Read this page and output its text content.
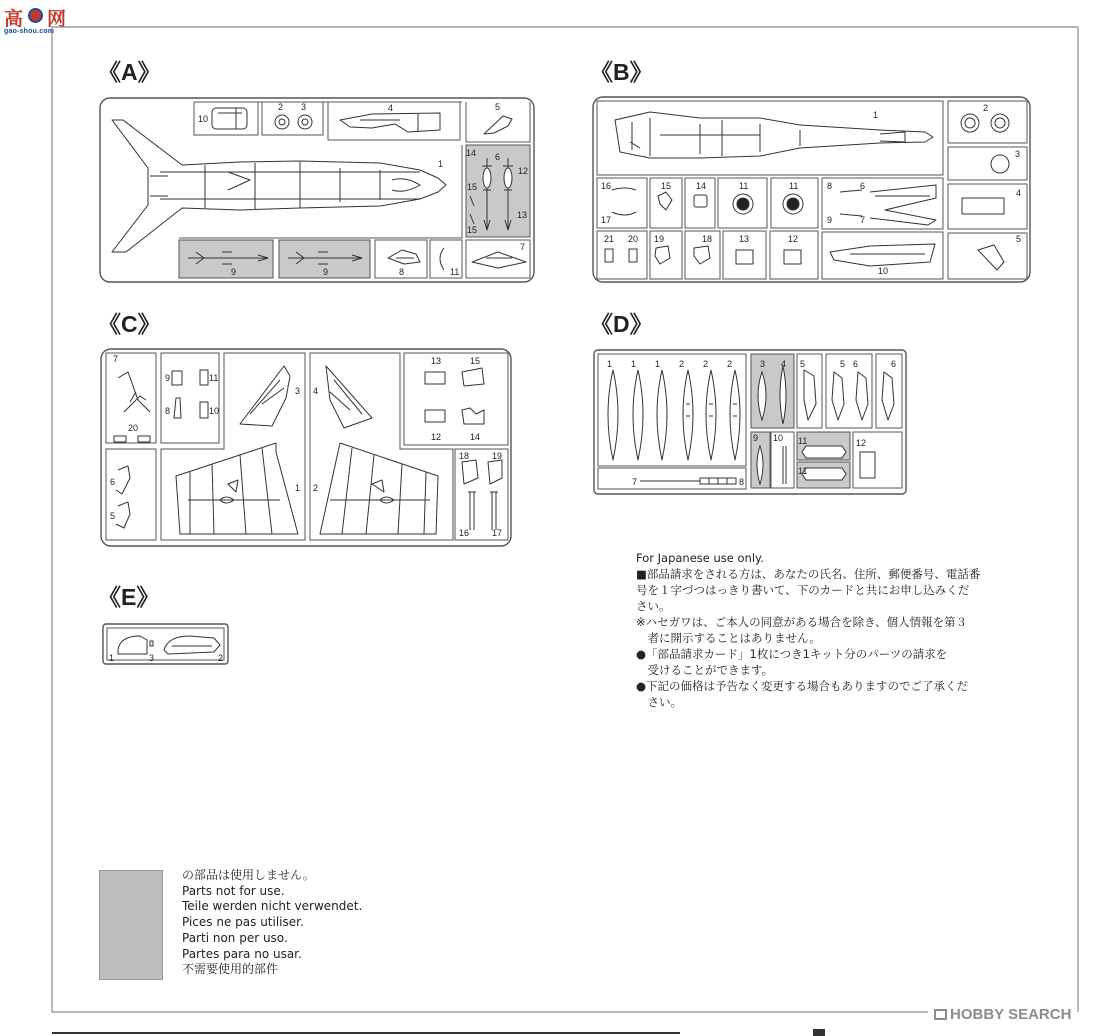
高 网
gao-shou.com
《A》
10
2 3	4	5
14 6
12
15
13
15
1
9	9	8	11
7
《B》
1
2
3
4
5
16
17
15	14	11	11	8	6
9	7
21 20 19	18	13	12
10
《C》
7
20
9	11
8	10
3 4
13	15
12	14
6
5
1 2
18	19
16	17
《D》
1 1 1 2 2 2	3 4 5	5 6	6
9 10 11
11
12
7	8
《E》
1	3	2
For Japanese use only.
■部品請求をされる方は、あなたの氏名、住所、郵便番号、電話番
号を１字づつはっきり書いて、下のカードと共にお申し込みくだ
さい。
※ハセガワは、ご本人の同意がある場合を除き、個人情報を第３
　者に開示することはありません。
●「部品請求カード」1枚につき1キット分のパーツの請求を
　受けることができます。
●下記の価格は予告なく変更する場合もありますのでご了承くだ
　さい。
の部品は使用しません。
Parts not for use.
Teile werden nicht verwendet.
Pices ne pas utiliser.
Parti non per uso.
Partes para no usar.
不需要使用的部件
HOBBY SEARCH
